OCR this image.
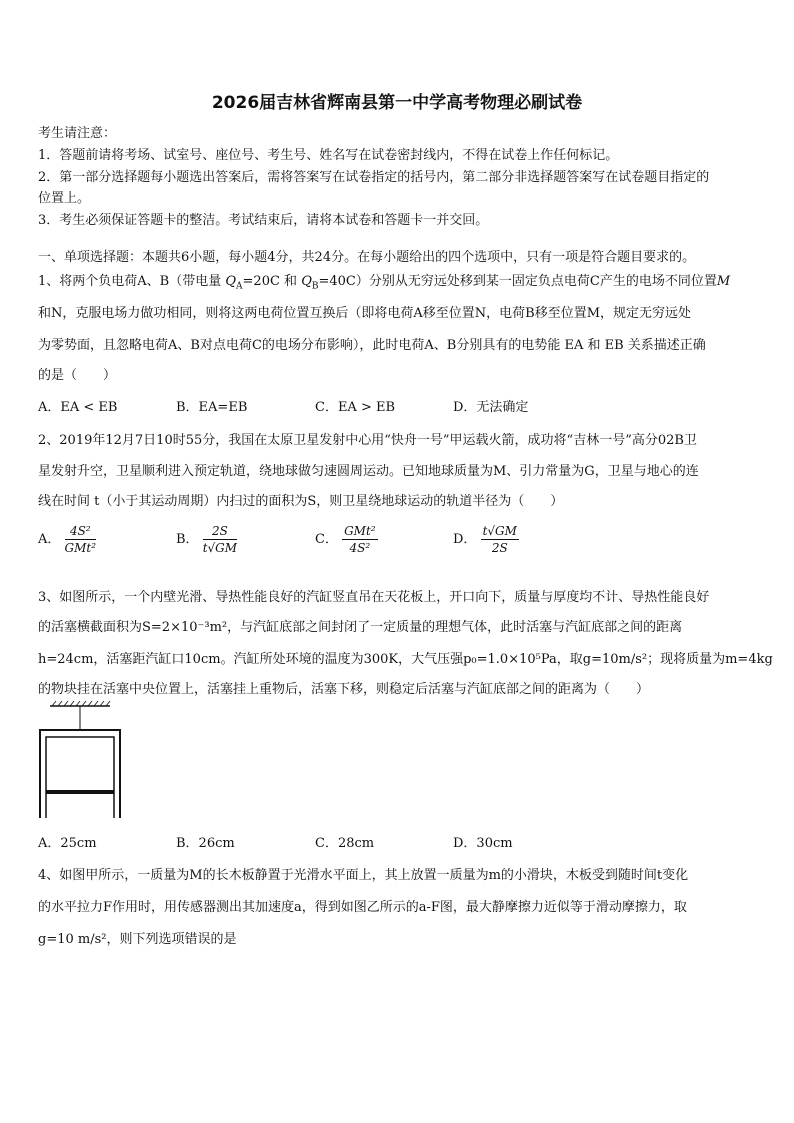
2026届吉林省辉南县第一中学高考物理必刷试卷
考生请注意：
1．答题前请将考场、试室号、座位号、考生号、姓名写在试卷密封线内，不得在试卷上作任何标记。
2．第一部分选择题每小题选出答案后，需将答案写在试卷指定的括号内，第二部分非选择题答案写在试卷题目指定的
位置上。
3．考生必须保证答题卡的整洁。考试结束后，请将本试卷和答题卡一并交回。
一、单项选择题：本题共6小题，每小题4分，共24分。在每小题给出的四个选项中，只有一项是符合题目要求的。
1、将两个负电荷A、B（带电量 $Q_A=20C$ 和 $Q_B=40C$）分别从无穷远处移到某一固定负点电荷C产生的电场不同位置M
和N，克服电场力做功相同，则将这两电荷位置互换后（即将电荷A移至位置N，电荷B移至位置M，规定无穷远处
为零势面，且忽略电荷A、B对点电荷C的电场分布影响），此时电荷A、B分别具有的电势能 EA 和 EB 关系描述正确
的是（　　）
A．EA < EB	B．EA=EB	C．EA > EB	D．无法确定
2、2019年12月7日10时55分，我国在太原卫星发射中心用“快舟一号”甲运载火箭，成功将“吉林一号”高分02B卫
星发射升空，卫星顺利进入预定轨道，绕地球做匀速圆周运动。已知地球质量为M、引力常量为G，卫星与地心的连
线在时间 t（小于其运动周期）内扫过的面积为S，则卫星绕地球运动的轨道半径为（　　）
A． $\frac{\text{4S²}}{\text{GMt²}}$	B． $\frac{2S}{t√GM}$	C． $\frac{\text{GMt²}}{\text{4S²}}$	D． $\frac{t√GM}{2S}$
3、如图所示，一个内壁光滑、导热性能良好的汽缸竖直吊在天花板上，开口向下，质量与厚度均不计、导热性能良好
的活塞横截面积为S=2×10⁻³m²，与汽缸底部之间封闭了一定质量的理想气体，此时活塞与汽缸底部之间的距离
h=24cm，活塞距汽缸口10cm。汽缸所处环境的温度为300K，大气压强p₀=1.0×10⁵Pa，取g=10m/s²；现将质量为m=4kg
的物块挂在活塞中央位置上，活塞挂上重物后，活塞下移，则稳定后活塞与汽缸底部之间的距离为（　　）
A．25cm	B．26cm	C．28cm	D．30cm
4、如图甲所示，一质量为M的长木板静置于光滑水平面上，其上放置一质量为m的小滑块，木板受到随时间t变化
的水平拉力F作用时，用传感器测出其加速度a，得到如图乙所示的a-F图，最大静摩擦力近似等于滑动摩擦力，取
g=10 m/s²，则下列选项错误的是
